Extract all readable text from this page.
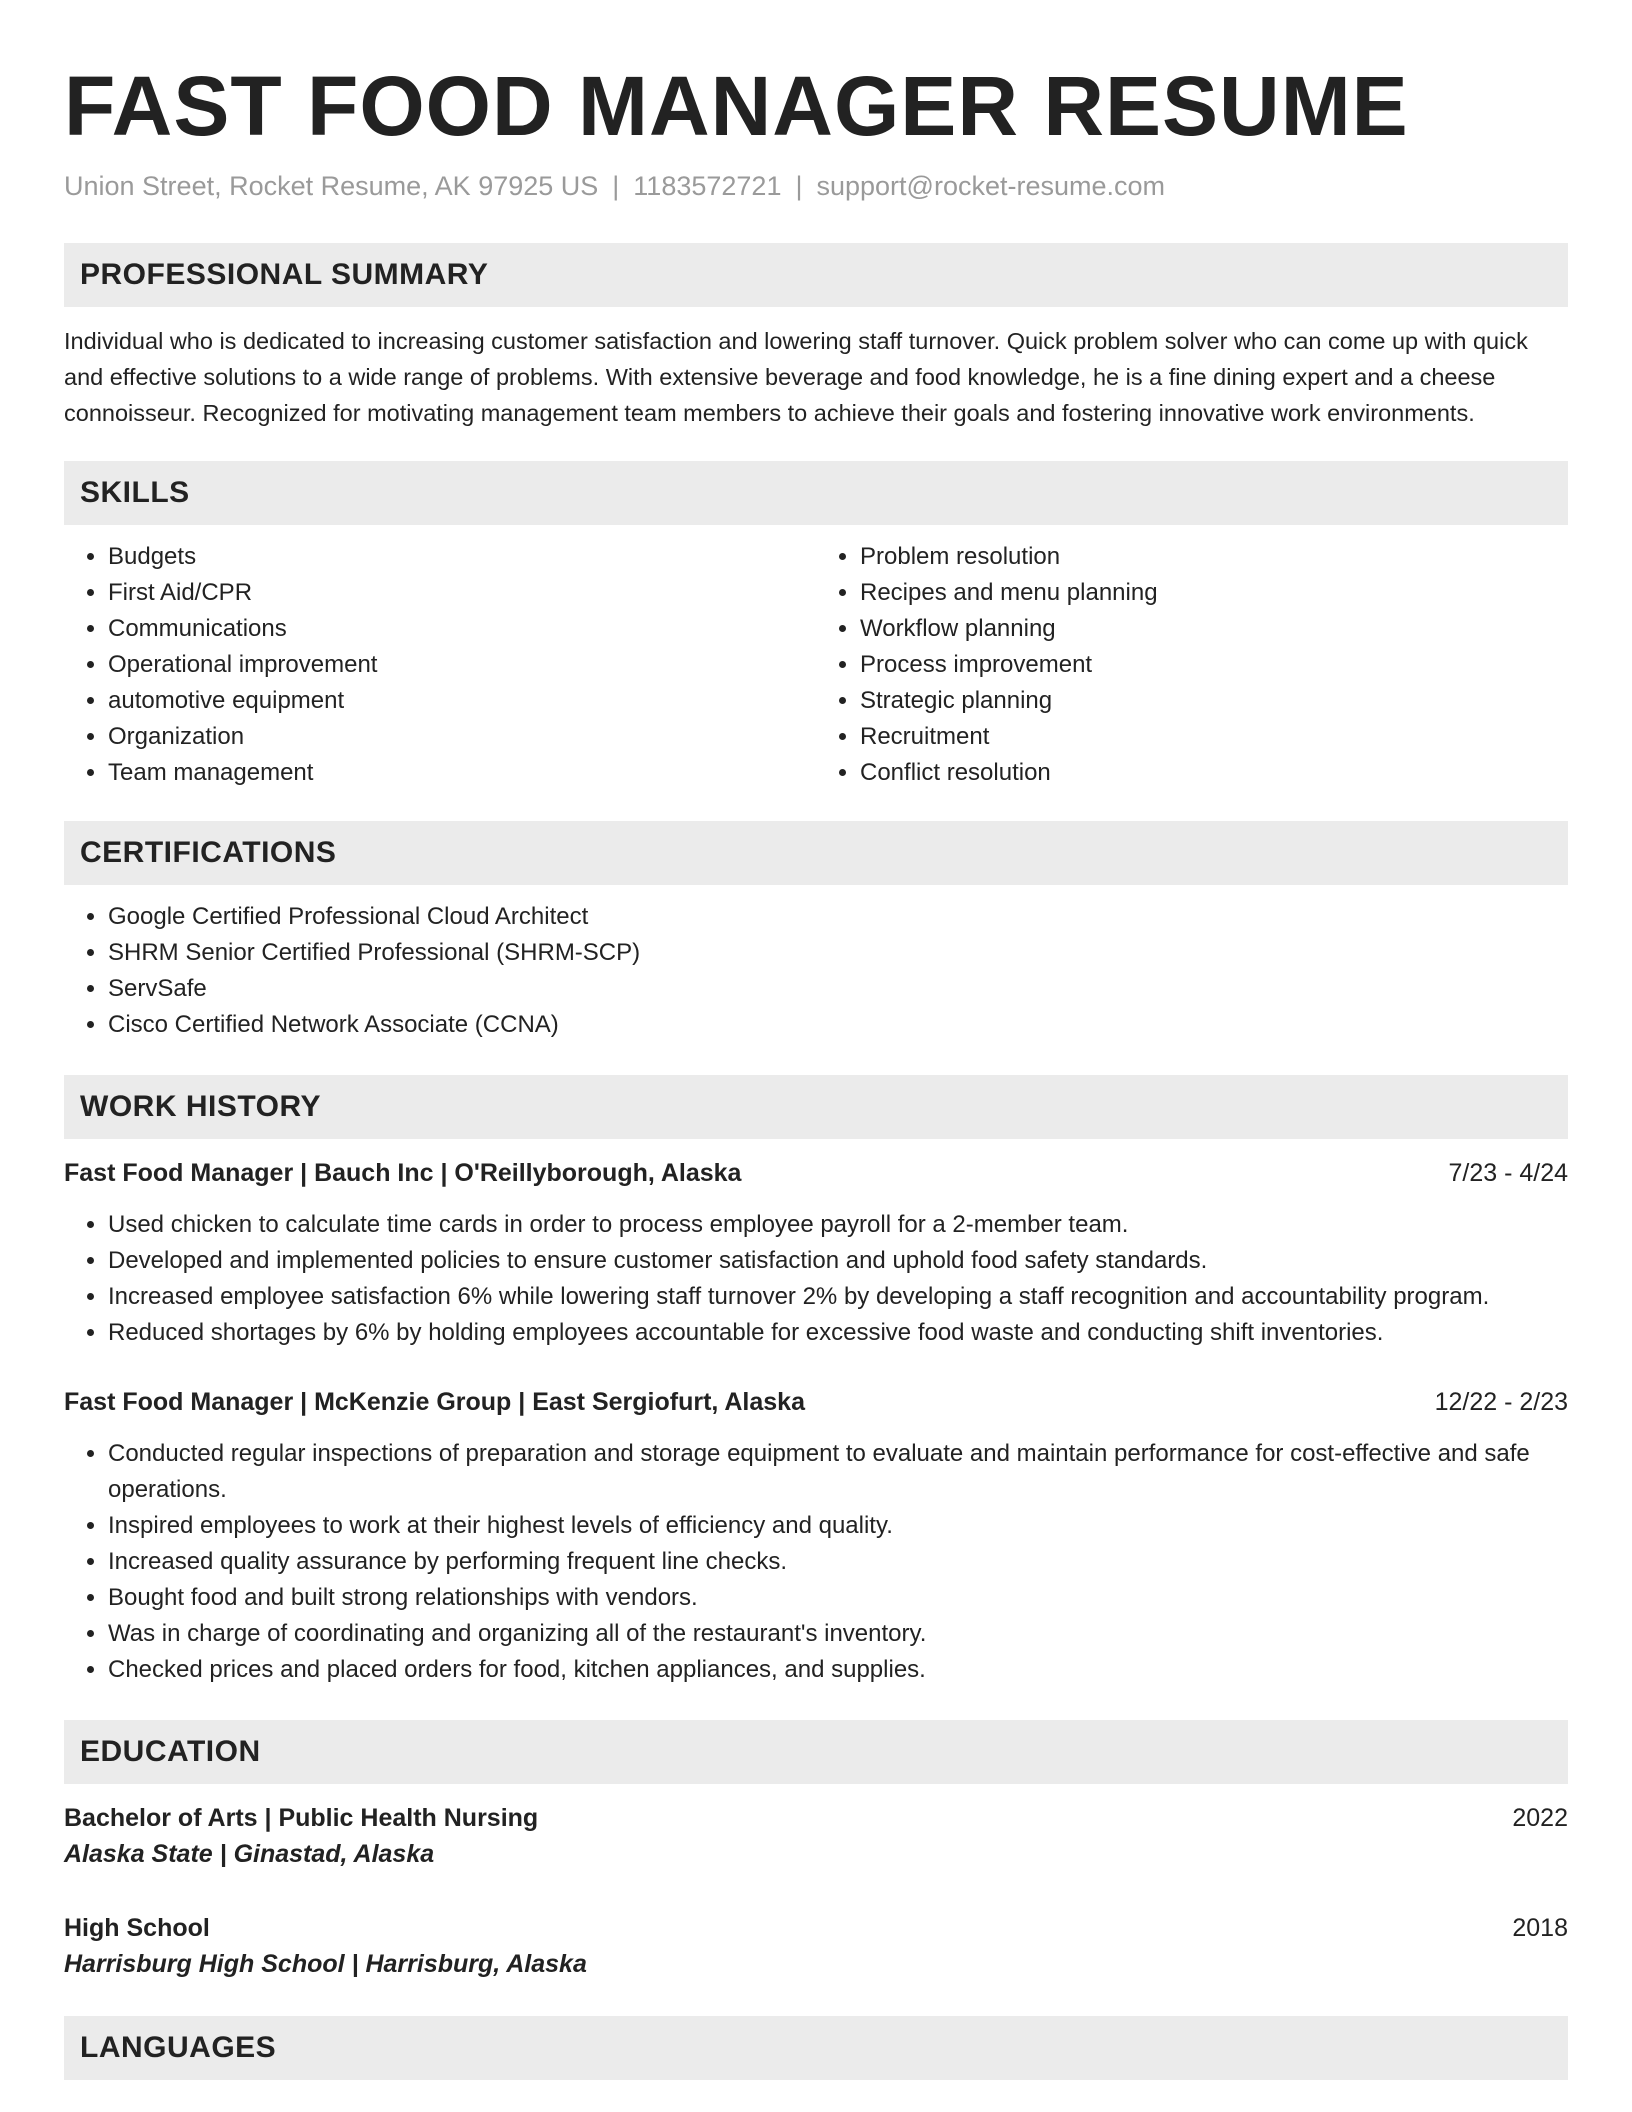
FAST FOOD MANAGER RESUME
Union Street, Rocket Resume, AK 97925 US | 1183572721 | support@rocket-resume.com
PROFESSIONAL SUMMARY

Individual who is dedicated to increasing customer satisfaction and lowering staff turnover. Quick problem solver who can come up with quick and effective solutions to a wide range of problems. With extensive beverage and food knowledge, he is a fine dining expert and a cheese connoisseur. Recognized for motivating management team members to achieve their goals and fostering innovative work environments.

SKILLS
• Budgets
• First Aid/CPR
• Communications
• Operational improvement
• automotive equipment
• Organization
• Team management
• Problem resolution
• Recipes and menu planning
• Workflow planning
• Process improvement
• Strategic planning
• Recruitment
• Conflict resolution
CERTIFICATIONS
• Google Certified Professional Cloud Architect
• SHRM Senior Certified Professional (SHRM-SCP)
• ServSafe
• Cisco Certified Network Associate (CCNA)
WORK HISTORY
Fast Food Manager | Bauch Inc | O'Reillyborough, Alaska	7/23 - 4/24
• Used chicken to calculate time cards in order to process employee payroll for a 2-member team.
• Developed and implemented policies to ensure customer satisfaction and uphold food safety standards.
• Increased employee satisfaction 6% while lowering staff turnover 2% by developing a staff recognition and accountability program.
• Reduced shortages by 6% by holding employees accountable for excessive food waste and conducting shift inventories.
Fast Food Manager | McKenzie Group | East Sergiofurt, Alaska	12/22 - 2/23
• Conducted regular inspections of preparation and storage equipment to evaluate and maintain performance for cost-effective and safe operations.
• Inspired employees to work at their highest levels of efficiency and quality.
• Increased quality assurance by performing frequent line checks.
• Bought food and built strong relationships with vendors.
• Was in charge of coordinating and organizing all of the restaurant's inventory.
• Checked prices and placed orders for food, kitchen appliances, and supplies.
EDUCATION
Bachelor of Arts | Public Health Nursing	2022
Alaska State | Ginastad, Alaska
High School	2018
Harrisburg High School | Harrisburg, Alaska
LANGUAGES
